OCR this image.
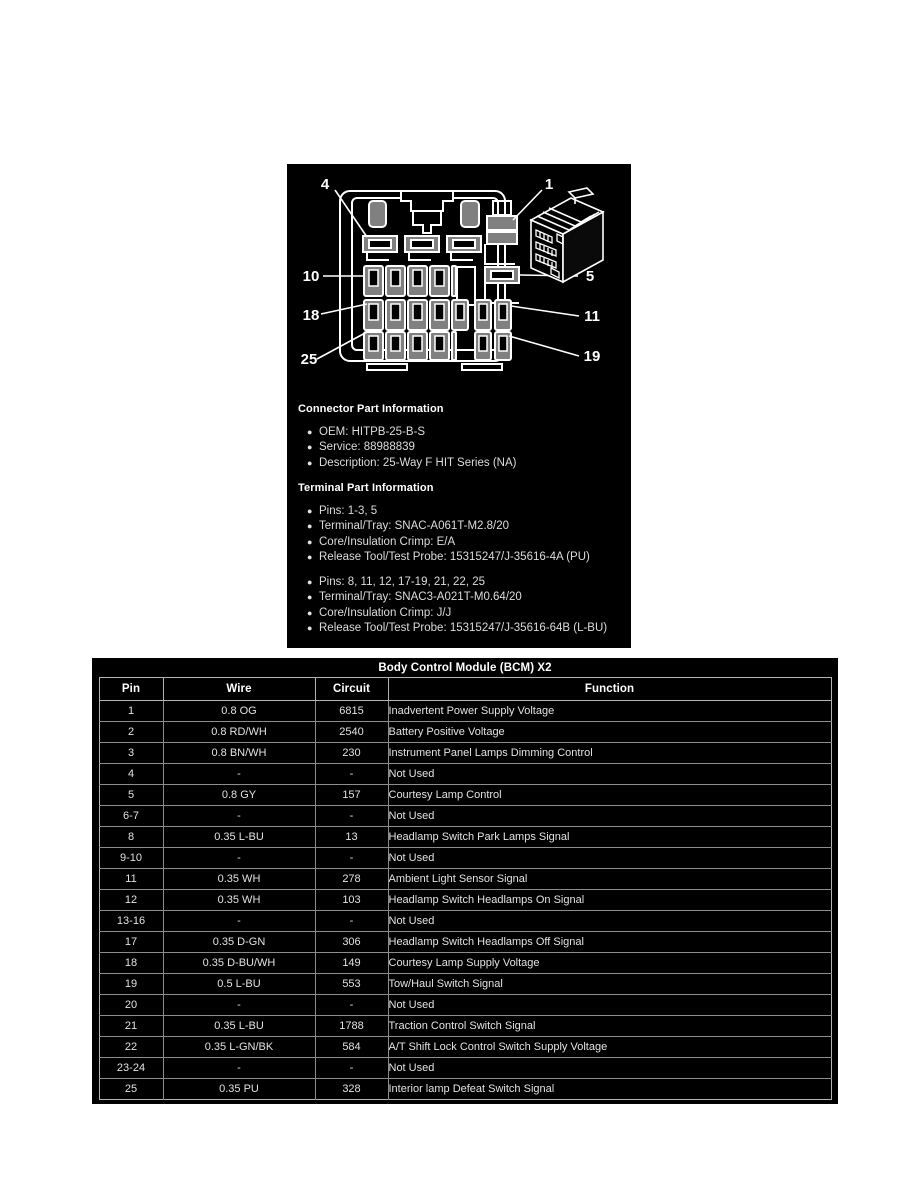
4	1
10	5
18	11
25	19
Connector Part Information
● OEM: HITPB-25-B-S
● Service: 88988839
● Description: 25-Way F HIT Series (NA)
Terminal Part Information
● Pins: 1-3, 5
● Terminal/Tray: SNAC-A061T-M2.8/20
● Core/Insulation Crimp: E/A
● Release Tool/Test Probe: 15315247/J-35616-4A (PU)
● Pins: 8, 11, 12, 17-19, 21, 22, 25
● Terminal/Tray: SNAC3-A021T-M0.64/20
● Core/Insulation Crimp: J/J
● Release Tool/Test Probe: 15315247/J-35616-64B (L-BU)
Body Control Module (BCM) X2
Pin	Wire	Circuit	Function
1	0.8 OG	6815	Inadvertent Power Supply Voltage
2	0.8 RD/WH	2540	Battery Positive Voltage
3	0.8 BN/WH	230	Instrument Panel Lamps Dimming Control
4	-	-	Not Used
5	0.8 GY	157	Courtesy Lamp Control
6-7	-	-	Not Used
8	0.35 L-BU	13	Headlamp Switch Park Lamps Signal
9-10	-	-	Not Used
11	0.35 WH	278	Ambient Light Sensor Signal
12	0.35 WH	103	Headlamp Switch Headlamps On Signal
13-16	-	-	Not Used
17	0.35 D-GN	306	Headlamp Switch Headlamps Off Signal
18	0.35 D-BU/WH	149	Courtesy Lamp Supply Voltage
19	0.5 L-BU	553	Tow/Haul Switch Signal
20	-	-	Not Used
21	0.35 L-BU	1788	Traction Control Switch Signal
22	0.35 L-GN/BK	584	A/T Shift Lock Control Switch Supply Voltage
23-24	-	-	Not Used
25	0.35 PU	328	Interior lamp Defeat Switch Signal
